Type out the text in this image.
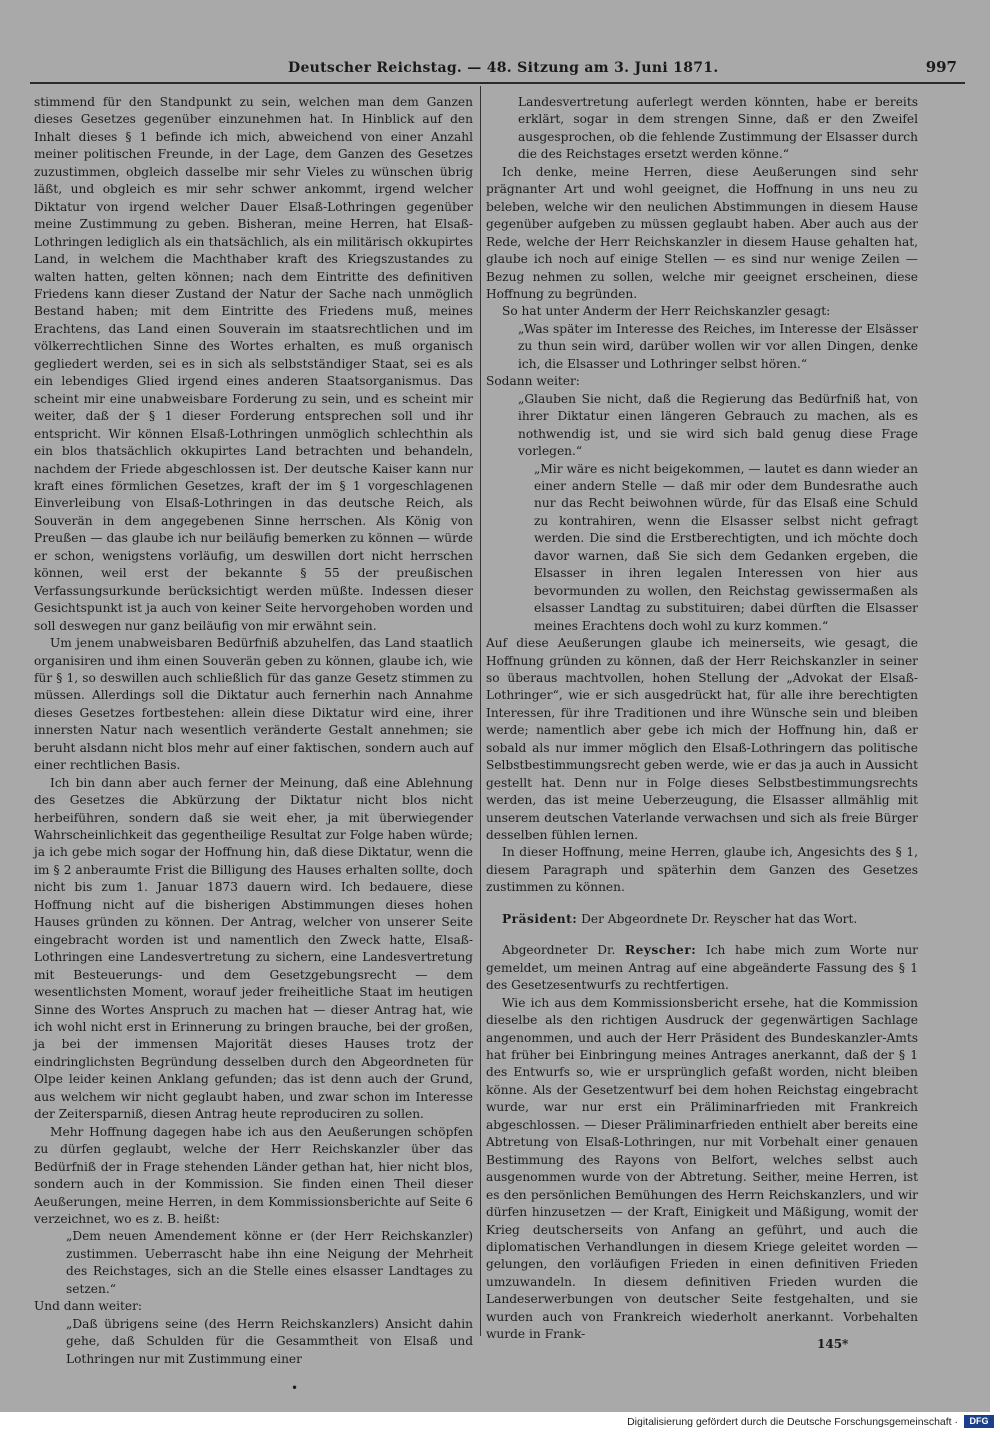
Deutscher Reichstag. — 48. Sitzung am 3. Juni 1871.	997

stimmend für den Standpunkt zu sein, welchen man dem Ganzen dieses Gesetzes gegenüber einzunehmen hat. In Hinblick auf den Inhalt dieses § 1 befinde ich mich, abweichend von einer Anzahl meiner politischen Freunde, in der Lage, dem Ganzen des Gesetzes zuzustimmen, obgleich dasselbe mir sehr Vieles zu wünschen übrig läßt, und obgleich es mir sehr schwer ankommt, irgend welcher Diktatur von irgend welcher Dauer Elsaß-Lothringen gegenüber meine Zustimmung zu geben. Bisheran, meine Herren, hat Elsaß-Lothringen lediglich als ein thatsächlich, als ein militärisch okkupirtes Land, in welchem die Machthaber kraft des Kriegszustandes zu walten hatten, gelten können; nach dem Eintritte des definitiven Friedens kann dieser Zustand der Natur der Sache nach unmöglich Bestand haben; mit dem Eintritte des Friedens muß, meines Erachtens, das Land einen Souverain im staatsrechtlichen und im völkerrechtlichen Sinne des Wortes erhalten, es muß organisch gegliedert werden, sei es in sich als selbstständiger Staat, sei es als ein lebendiges Glied irgend eines anderen Staatsorganismus. Das scheint mir eine unabweisbare Forderung zu sein, und es scheint mir weiter, daß der § 1 dieser Forderung entsprechen soll und ihr entspricht. Wir können Elsaß-Lothringen unmöglich schlechthin als ein blos thatsächlich okkupirtes Land betrachten und behandeln, nachdem der Friede abgeschlossen ist. Der deutsche Kaiser kann nur kraft eines förmlichen Gesetzes, kraft der im § 1 vorgeschlagenen Einverleibung von Elsaß-Lothringen in das deutsche Reich, als Souverän in dem angegebenen Sinne herrschen. Als König von Preußen — das glaube ich nur beiläufig bemerken zu können — würde er schon, wenigstens vorläufig, um deswillen dort nicht herrschen können, weil erst der bekannte § 55 der preußischen Verfassungsurkunde berücksichtigt werden müßte. Indessen dieser Gesichtspunkt ist ja auch von keiner Seite hervorgehoben worden und soll deswegen nur ganz beiläufig von mir erwähnt sein.

Um jenem unabweisbaren Bedürfniß abzuhelfen, das Land staatlich organisiren und ihm einen Souverän geben zu können, glaube ich, wie für § 1, so deswillen auch schließlich für das ganze Gesetz stimmen zu müssen. Allerdings soll die Diktatur auch fernerhin nach Annahme dieses Gesetzes fortbestehen: allein diese Diktatur wird eine, ihrer innersten Natur nach wesentlich veränderte Gestalt annehmen; sie beruht alsdann nicht blos mehr auf einer faktischen, sondern auch auf einer rechtlichen Basis.

Ich bin dann aber auch ferner der Meinung, daß eine Ablehnung des Gesetzes die Abkürzung der Diktatur nicht blos nicht herbeiführen, sondern daß sie weit eher, ja mit überwiegender Wahrscheinlichkeit das gegentheilige Resultat zur Folge haben würde; ja ich gebe mich sogar der Hoffnung hin, daß diese Diktatur, wenn die im § 2 anberaumte Frist die Billigung des Hauses erhalten sollte, doch nicht bis zum 1. Januar 1873 dauern wird. Ich bedauere, diese Hoffnung nicht auf die bisherigen Abstimmungen dieses hohen Hauses gründen zu können. Der Antrag, welcher von unserer Seite eingebracht worden ist und namentlich den Zweck hatte, Elsaß-Lothringen eine Landesvertretung zu sichern, eine Landesvertretung mit Besteuerungs- und dem Gesetzgebungsrecht — dem wesentlichsten Moment, worauf jeder freiheitliche Staat im heutigen Sinne des Wortes Anspruch zu machen hat — dieser Antrag hat, wie ich wohl nicht erst in Erinnerung zu bringen brauche, bei der großen, ja bei der immensen Majorität dieses Hauses trotz der eindringlichsten Begründung desselben durch den Abgeordneten für Olpe leider keinen Anklang gefunden; das ist denn auch der Grund, aus welchem wir nicht geglaubt haben, und zwar schon im Interesse der Zeitersparniß, diesen Antrag heute reproduciren zu sollen.

Mehr Hoffnung dagegen habe ich aus den Aeußerungen schöpfen zu dürfen geglaubt, welche der Herr Reichskanzler über das Bedürfniß der in Frage stehenden Länder gethan hat, hier nicht blos, sondern auch in der Kommission. Sie finden einen Theil dieser Aeußerungen, meine Herren, in dem Kommissionsberichte auf Seite 6 verzeichnet, wo es z. B. heißt:

„Dem neuen Amendement könne er (der Herr Reichskanzler) zustimmen. Ueberrascht habe ihn eine Neigung der Mehrheit des Reichstages, sich an die Stelle eines elsasser Landtages zu setzen.“

Und dann weiter:

„Daß übrigens seine (des Herrn Reichskanzlers) Ansicht dahin gehe, daß Schulden für die Gesammtheit von Elsaß und Lothringen nur mit Zustimmung einer

Landesvertretung auferlegt werden könnten, habe er bereits erklärt, sogar in dem strengen Sinne, daß er den Zweifel ausgesprochen, ob die fehlende Zustimmung der Elsasser durch die des Reichstages ersetzt werden könne.“

Ich denke, meine Herren, diese Aeußerungen sind sehr prägnanter Art und wohl geeignet, die Hoffnung in uns neu zu beleben, welche wir den neulichen Abstimmungen in diesem Hause gegenüber aufgeben zu müssen geglaubt haben. Aber auch aus der Rede, welche der Herr Reichskanzler in diesem Hause gehalten hat, glaube ich noch auf einige Stellen — es sind nur wenige Zeilen — Bezug nehmen zu sollen, welche mir geeignet erscheinen, diese Hoffnung zu begründen.

So hat unter Anderm der Herr Reichskanzler gesagt:

„Was später im Interesse des Reiches, im Interesse der Elsässer zu thun sein wird, darüber wollen wir vor allen Dingen, denke ich, die Elsasser und Lothringer selbst hören.“

Sodann weiter:

„Glauben Sie nicht, daß die Regierung das Bedürfniß hat, von ihrer Diktatur einen längeren Gebrauch zu machen, als es nothwendig ist, und sie wird sich bald genug diese Frage vorlegen.“

„Mir wäre es nicht beigekommen, — lautet es dann wieder an einer andern Stelle — daß mir oder dem Bundesrathe auch nur das Recht beiwohnen würde, für das Elsaß eine Schuld zu kontrahiren, wenn die Elsasser selbst nicht gefragt werden. Die sind die Erstberechtigten, und ich möchte doch davor warnen, daß Sie sich dem Gedanken ergeben, die Elsasser in ihren legalen Interessen von hier aus bevormunden zu wollen, den Reichstag gewissermaßen als elsasser Landtag zu substituiren; dabei dürften die Elsasser meines Erachtens doch wohl zu kurz kommen.“

Auf diese Aeußerungen glaube ich meinerseits, wie gesagt, die Hoffnung gründen zu können, daß der Herr Reichskanzler in seiner so überaus machtvollen, hohen Stellung der „Advokat der Elsaß-Lothringer“, wie er sich ausgedrückt hat, für alle ihre berechtigten Interessen, für ihre Traditionen und ihre Wünsche sein und bleiben werde; namentlich aber gebe ich mich der Hoffnung hin, daß er sobald als nur immer möglich den Elsaß-Lothringern das politische Selbstbestimmungsrecht geben werde, wie er das ja auch in Aussicht gestellt hat. Denn nur in Folge dieses Selbstbestimmungsrechts werden, das ist meine Ueberzeugung, die Elsasser allmählig mit unserem deutschen Vaterlande verwachsen und sich als freie Bürger desselben fühlen lernen.

In dieser Hoffnung, meine Herren, glaube ich, Angesichts des § 1, diesem Paragraph und späterhin dem Ganzen des Gesetzes zustimmen zu können.

Präsident: Der Abgeordnete Dr. Reyscher hat das Wort.

Abgeordneter Dr. Reyscher: Ich habe mich zum Worte nur gemeldet, um meinen Antrag auf eine abgeänderte Fassung des § 1 des Gesetzesentwurfs zu rechtfertigen.

Wie ich aus dem Kommissionsbericht ersehe, hat die Kommission dieselbe als den richtigen Ausdruck der gegenwärtigen Sachlage angenommen, und auch der Herr Präsident des Bundeskanzler-Amts hat früher bei Einbringung meines Antrages anerkannt, daß der § 1 des Entwurfs so, wie er ursprünglich gefaßt worden, nicht bleiben könne. Als der Gesetzentwurf bei dem hohen Reichstag eingebracht wurde, war nur erst ein Präliminarfrieden mit Frankreich abgeschlossen. — Dieser Präliminarfrieden enthielt aber bereits eine Abtretung von Elsaß-Lothringen, nur mit Vorbehalt einer genauen Bestimmung des Rayons von Belfort, welches selbst auch ausgenommen wurde von der Abtretung. Seither, meine Herren, ist es den persönlichen Bemühungen des Herrn Reichskanzlers, und wir dürfen hinzusetzen — der Kraft, Einigkeit und Mäßigung, womit der Krieg deutscherseits von Anfang an geführt, und auch die diplomatischen Verhandlungen in diesem Kriege geleitet worden — gelungen, den vorläufigen Frieden in einen definitiven Frieden umzuwandeln. In diesem definitiven Frieden wurden die Landeserwerbungen von deutscher Seite festgehalten, und sie wurden auch von Frankreich wiederholt anerkannt. Vorbehalten wurde in Frank-

145*
•
Digitalisierung gefördert durch die Deutsche Forschungsgemeinschaft ·	DFG
